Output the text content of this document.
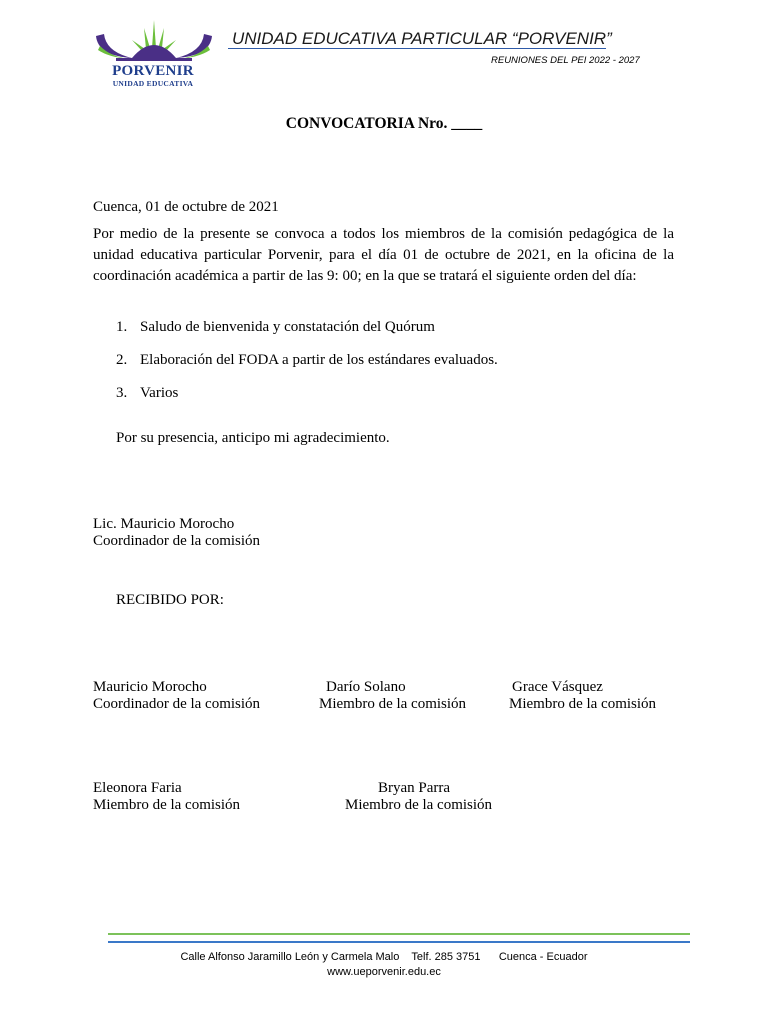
PORVENIR
UNIDAD EDUCATIVA
UNIDAD EDUCATIVA PARTICULAR “PORVENIR”
REUNIONES DEL PEI 2022 - 2027
CONVOCATORIA Nro. ____
Cuenca, 01 de octubre de 2021
Por medio de la presente se convoca a todos los miembros de la comisión pedagógica de la unidad educativa particular Porvenir, para el día 01 de octubre de 2021, en la oficina de la coordinación académica a partir de las 9: 00; en la que se tratará el siguiente orden del día:
1. Saludo de bienvenida y constatación del Quórum
2. Elaboración del FODA a partir de los estándares evaluados.
3. Varios
Por su presencia, anticipo mi agradecimiento.
Lic. Mauricio Morocho
Coordinador de la comisión
RECIBIDO POR:
Mauricio Morocho
Coordinador de la comisión
Darío Solano
Miembro de la comisión
Grace Vásquez
Miembro de la comisión
Eleonora Faria
Miembro de la comisión
Bryan Parra
Miembro de la comisión
Calle Alfonso Jaramillo León y Carmela Malo    Telf. 285 3751      Cuenca - Ecuador
www.ueporvenir.edu.ec
